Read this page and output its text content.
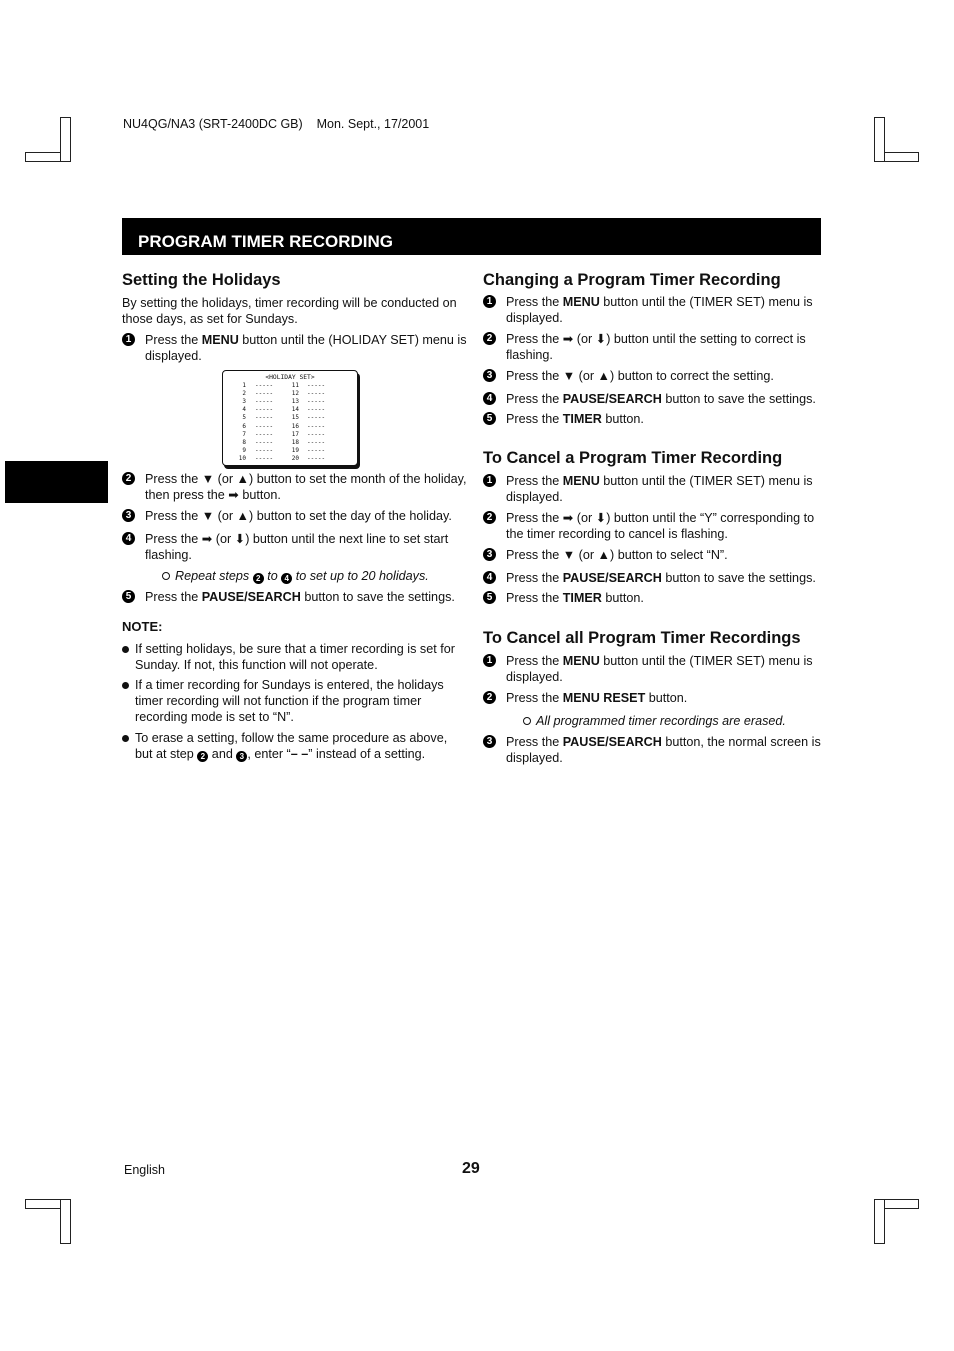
NU4QG/NA3 (SRT-2400DC GB) Mon. Sept., 17/2001
PROGRAM TIMER RECORDING
Setting the Holidays

By setting the holidays, timer recording will be conducted on those days, as set for Sundays.

1 Press the MENU button until the (HOLIDAY SET) menu is displayed.
<HOLIDAY SET>
1 -----	11 -----
2 -----	12 -----
3 -----	13 -----
4 -----	14 -----
5 -----	15 -----
6 -----	16 -----
7 -----	17 -----
8 -----	18 -----
9 -----	19 -----
10 -----	20 -----
2 Press the ▼ (or ▲) button to set the month of the holiday, then press the ➡ button.
3 Press the ▼ (or ▲) button to set the day of the holiday.
4 Press the ➡ (or ⬇) button until the next line to set start flashing.
Repeat steps 2 to 4 to set up to 20 holidays.
5 Press the PAUSE/SEARCH button to save the settings.

NOTE:

If setting holidays, be sure that a timer recording is set for Sunday. If not, this function will not operate.
If a timer recording for Sundays is entered, the holidays timer recording will not function if the program timer recording mode is set to “N”.
To erase a setting, follow the same procedure as above, but at step 2 and 3 , enter “– –” instead of a setting.
Changing a Program Timer Recording
1 Press the MENU button until the (TIMER SET) menu is displayed.
2 Press the ➡ (or ⬇) button until the setting to correct is flashing.
3 Press the ▼ (or ▲) button to correct the setting.
4 Press the PAUSE/SEARCH button to save the settings.
5 Press the TIMER button.
To Cancel a Program Timer Recording
1 Press the MENU button until the (TIMER SET) menu is displayed.
2 Press the ➡ (or ⬇) button until the “Y” corresponding to the timer recording to cancel is flashing.
3 Press the ▼ (or ▲) button to select “N”.
4 Press the PAUSE/SEARCH button to save the settings.
5 Press the TIMER button.
To Cancel all Program Timer Recordings
1 Press the MENU button until the (TIMER SET) menu is displayed.
2 Press the MENU RESET button.
All programmed timer recordings are erased.
3 Press the PAUSE/SEARCH button, the normal screen is displayed.
English	29
